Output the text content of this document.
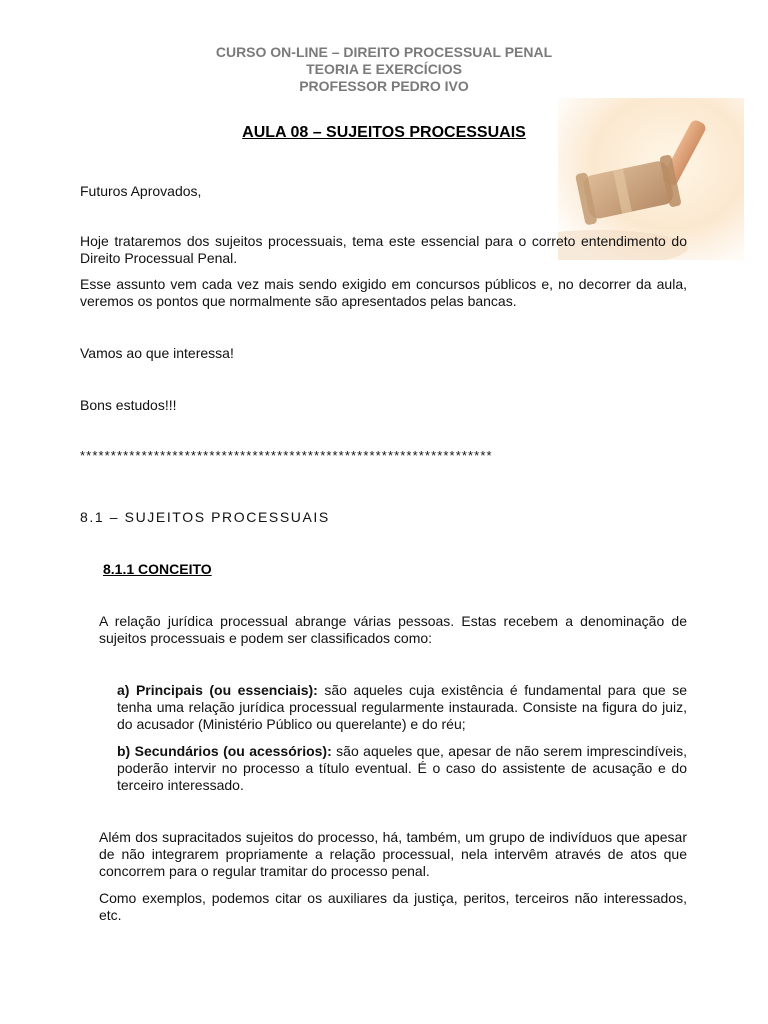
CURSO ON-LINE – DIREITO PROCESSUAL PENAL
TEORIA E EXERCÍCIOS
PROFESSOR PEDRO IVO
AULA 08 – SUJEITOS PROCESSUAIS
Futuros Aprovados,
Hoje trataremos dos sujeitos processuais, tema este essencial para o correto entendimento do Direito Processual Penal.
Esse assunto vem cada vez mais sendo exigido em concursos públicos e, no decorrer da aula, veremos os pontos que normalmente são apresentados pelas bancas.
Vamos ao que interessa!
Bons estudos!!!
*******************************************************************
8.1 – SUJEITOS PROCESSUAIS
8.1.1 CONCEITO
A relação jurídica processual abrange várias pessoas. Estas recebem a denominação de sujeitos processuais e podem ser classificados como:
a) Principais (ou essenciais): são aqueles cuja existência é fundamental para que se tenha uma relação jurídica processual regularmente instaurada. Consiste na figura do juiz, do acusador (Ministério Público ou querelante) e do réu;
b) Secundários (ou acessórios): são aqueles que, apesar de não serem imprescindíveis, poderão intervir no processo a título eventual. É o caso do assistente de acusação e do terceiro interessado.
Além dos supracitados sujeitos do processo, há, também, um grupo de indivíduos que apesar de não integrarem propriamente a relação processual, nela intervêm através de atos que concorrem para o regular tramitar do processo penal.
Como exemplos, podemos citar os auxiliares da justiça, peritos, terceiros não interessados, etc.
